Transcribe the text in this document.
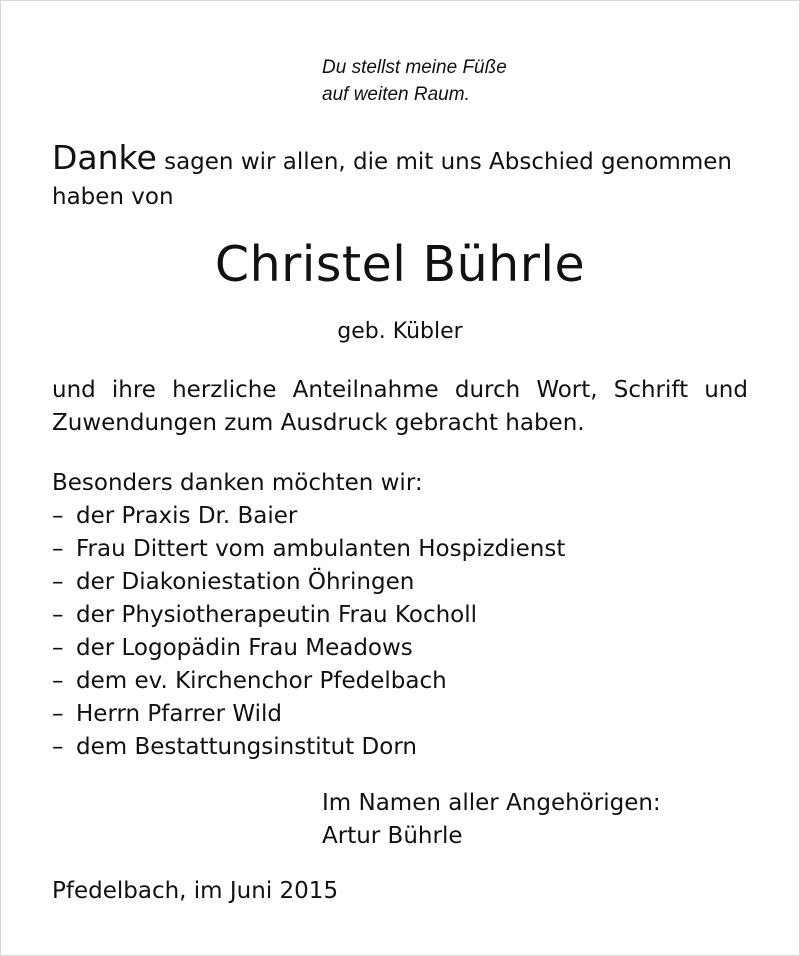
Du stellst meine Füße
auf weiten Raum.
Danke sagen wir allen, die mit uns Abschied genommen haben von
Christel Bührle
geb. Kübler
und ihre herzliche Anteilnahme durch Wort, Schrift und Zuwendungen zum Ausdruck gebracht haben.
Besonders danken möchten wir:
– der Praxis Dr. Baier
– Frau Dittert vom ambulanten Hospizdienst
– der Diakoniestation Öhringen
– der Physiotherapeutin Frau Kocholl
– der Logopädin Frau Meadows
– dem ev. Kirchenchor Pfedelbach
– Herrn Pfarrer Wild
– dem Bestattungsinstitut Dorn
Im Namen aller Angehörigen:
Artur Bührle
Pfedelbach, im Juni 2015
